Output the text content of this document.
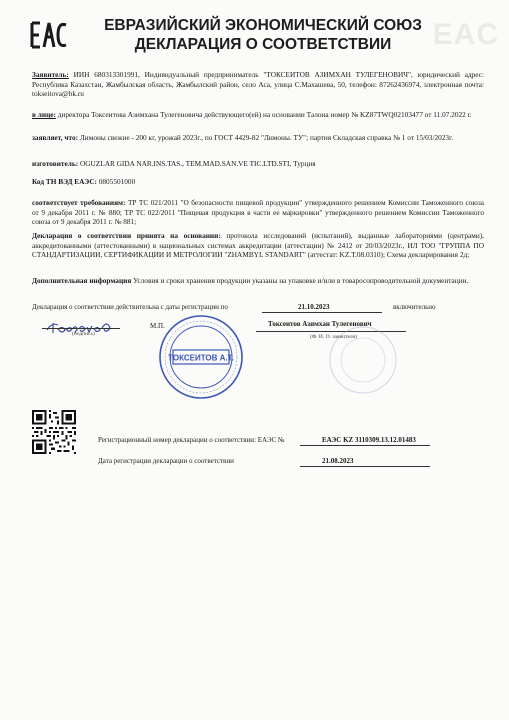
EAC
ЕВРАЗИЙСКИЙ ЭКОНОМИЧЕСКИЙ СОЮЗ
ДЕКЛАРАЦИЯ О СООТВЕТСТВИИ
Заявитель: ИИН 680313301991, Индивидуальный предприниматель "ТОКСЕИТОВ АЗИМХАН ТУЛЕГЕНОВИЧ", юридический адрес: Республика Казахстан, Жамбылская область, Жамбылский район, село Аса, улица С.Махашева, 50, телефон: 87262436974, электронная почта: tokseitova@bk.ru
в лице: директора Токсеитова Азимхана Тулегеновича действующего(ей) на основании Талона номер № KZ87TWQ02103477 от 11.07.2022 г.
заявляет, что: Лимоны свежие - 200 кг, урожай 2023г., по ГОСТ 4429-82 "Лимоны. ТУ"; партия Складская справка № 1 от 15/03/2023г.
изготовитель: OGUZLAR GIDA NAR.INS.TAS., TEM.MAD.SAN.VE TIC.LTD.STI, Турция
Код ТН ВЭД ЕАЭС: 0805501000
соответствует требованиям: ТР ТС 021/2011 "О безопасности пищевой продукции" утвержденного решением Комиссии Таможенного союза от 9 декабря 2011 г. № 880; ТР ТС 022/2011 "Пищевая продукция в части ее маркировки" утвержденного решением Комиссии Таможенного союза от 9 декабря 2011 г. № 881;
Декларация о соответствии принята на основании: протокола исследований (испытаний), выданные лабораториями (центрами), аккредитованными (аттестованными) в национальных системах аккредитации (аттестации) № 2412 от 20/03/2023г., ИЛ ТОО "ГРУППА ПО СТАНДАРТИЗАЦИИ, СЕРТИФИКАЦИИ И МЕТРОЛОГИИ "ZHAMBYL STANDART" (аттестат: KZ.T.08.0310); Схема декларирования 2д;
Дополнительная информация Условия и сроки хранения продукции указаны на упаковке и/или в товаросопроводительной документации.
Декларация о соответствии действительна с даты регистрации по	21.10.2023	включительно
(подпись)
М.П.	Токсеитов Азимхан Тулегенович
(Ф. И. О. заявителя)
ТОКСЕИТОВ А.Т.
Регистрационный номер декларации о соответствии: ЕАЭС №	ЕАЭС KZ 3110309.13.12.01483
Дата регистрации декларации о соответствии	21.08.2023
